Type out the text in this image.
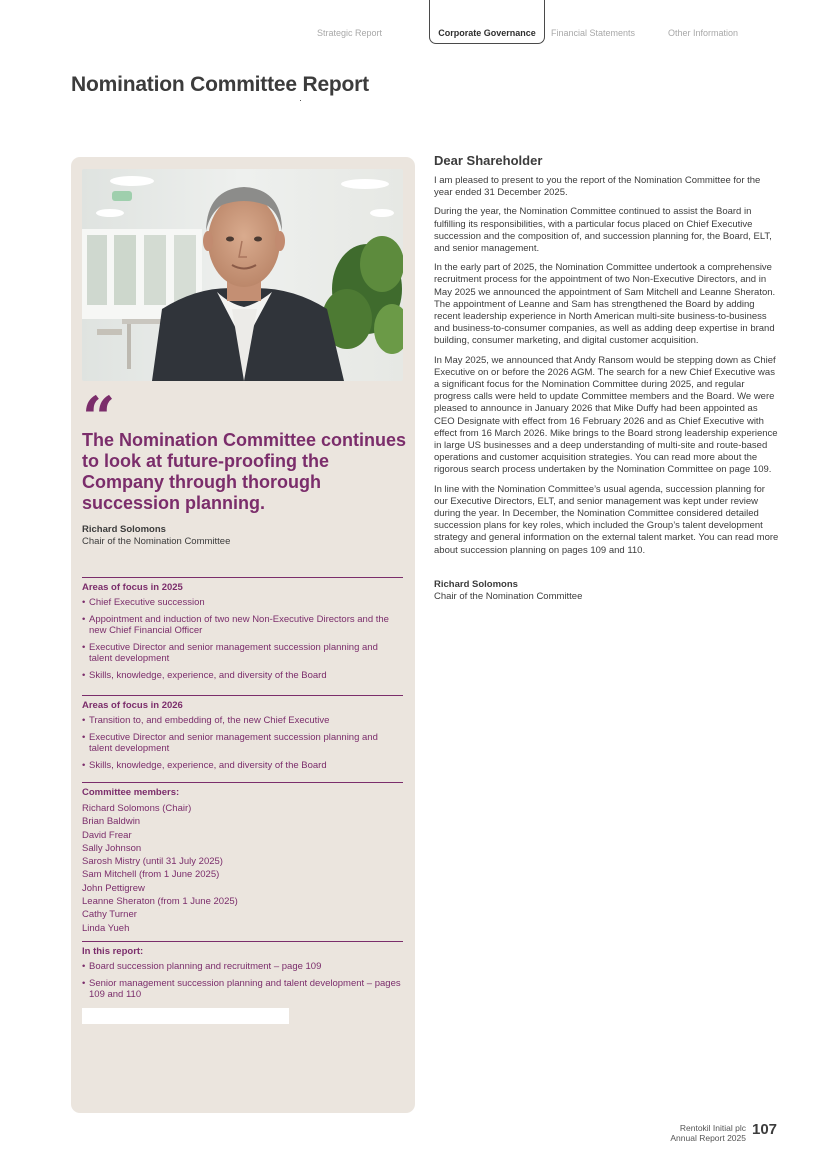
Strategic Report	Corporate Governance	Financial Statements	Other Information
Nomination Committee Report
“
The Nomination Committee continues to look at future-proofing the Company through thorough succession planning.
Richard Solomons
Chair of the Nomination Committee
Areas of focus in 2025
• Chief Executive succession
• Appointment and induction of two new Non-Executive Directors and the new Chief Financial Officer
• Executive Director and senior management succession planning and talent development
• Skills, knowledge, experience, and diversity of the Board
Areas of focus in 2026
• Transition to, and embedding of, the new Chief Executive
• Executive Director and senior management succession planning and talent development
• Skills, knowledge, experience, and diversity of the Board
Committee members:
Richard Solomons (Chair)
Brian Baldwin
David Frear
Sally Johnson
Sarosh Mistry (until 31 July 2025)
Sam Mitchell (from 1 June 2025)
John Pettigrew
Leanne Sheraton (from 1 June 2025)
Cathy Turner
Linda Yueh
In this report:
• Board succession planning and recruitment – page 109
• Senior management succession planning and talent development – pages 109 and 110
Dear Shareholder

I am pleased to present to you the report of the Nomination Committee for the year ended 31 December 2025.

During the year, the Nomination Committee continued to assist the Board in fulfilling its responsibilities, with a particular focus placed on Chief Executive succession and the composition of, and succession planning for, the Board, ELT, and senior management.

In the early part of 2025, the Nomination Committee undertook a comprehensive recruitment process for the appointment of two Non-Executive Directors, and in May 2025 we announced the appointment of Sam Mitchell and Leanne Sheraton. The appointment of Leanne and Sam has strengthened the Board by adding recent leadership experience in North American multi-site business-to-business and business-to-consumer companies, as well as adding deep expertise in brand building, consumer marketing, and digital customer acquisition.

In May 2025, we announced that Andy Ransom would be stepping down as Chief Executive on or before the 2026 AGM. The search for a new Chief Executive was a significant focus for the Nomination Committee during 2025, and regular progress calls were held to update Committee members and the Board. We were pleased to announce in January 2026 that Mike Duffy had been appointed as CEO Designate with effect from 16 February 2026 and as Chief Executive with effect from 16 March 2026. Mike brings to the Board strong leadership experience in large US businesses and a deep understanding of multi-site and route-based operations and customer acquisition strategies. You can read more about the rigorous search process undertaken by the Nomination Committee on page 109.

In line with the Nomination Committee’s usual agenda, succession planning for our Executive Directors, ELT, and senior management was kept under review during the year. In December, the Nomination Committee considered detailed succession plans for key roles, which included the Group’s talent development strategy and general information on the external talent market. You can read more about succession planning on pages 109 and 110.

Richard Solomons
Chair of the Nomination Committee
Rentokil Initial plc
Annual Report 2025 107
